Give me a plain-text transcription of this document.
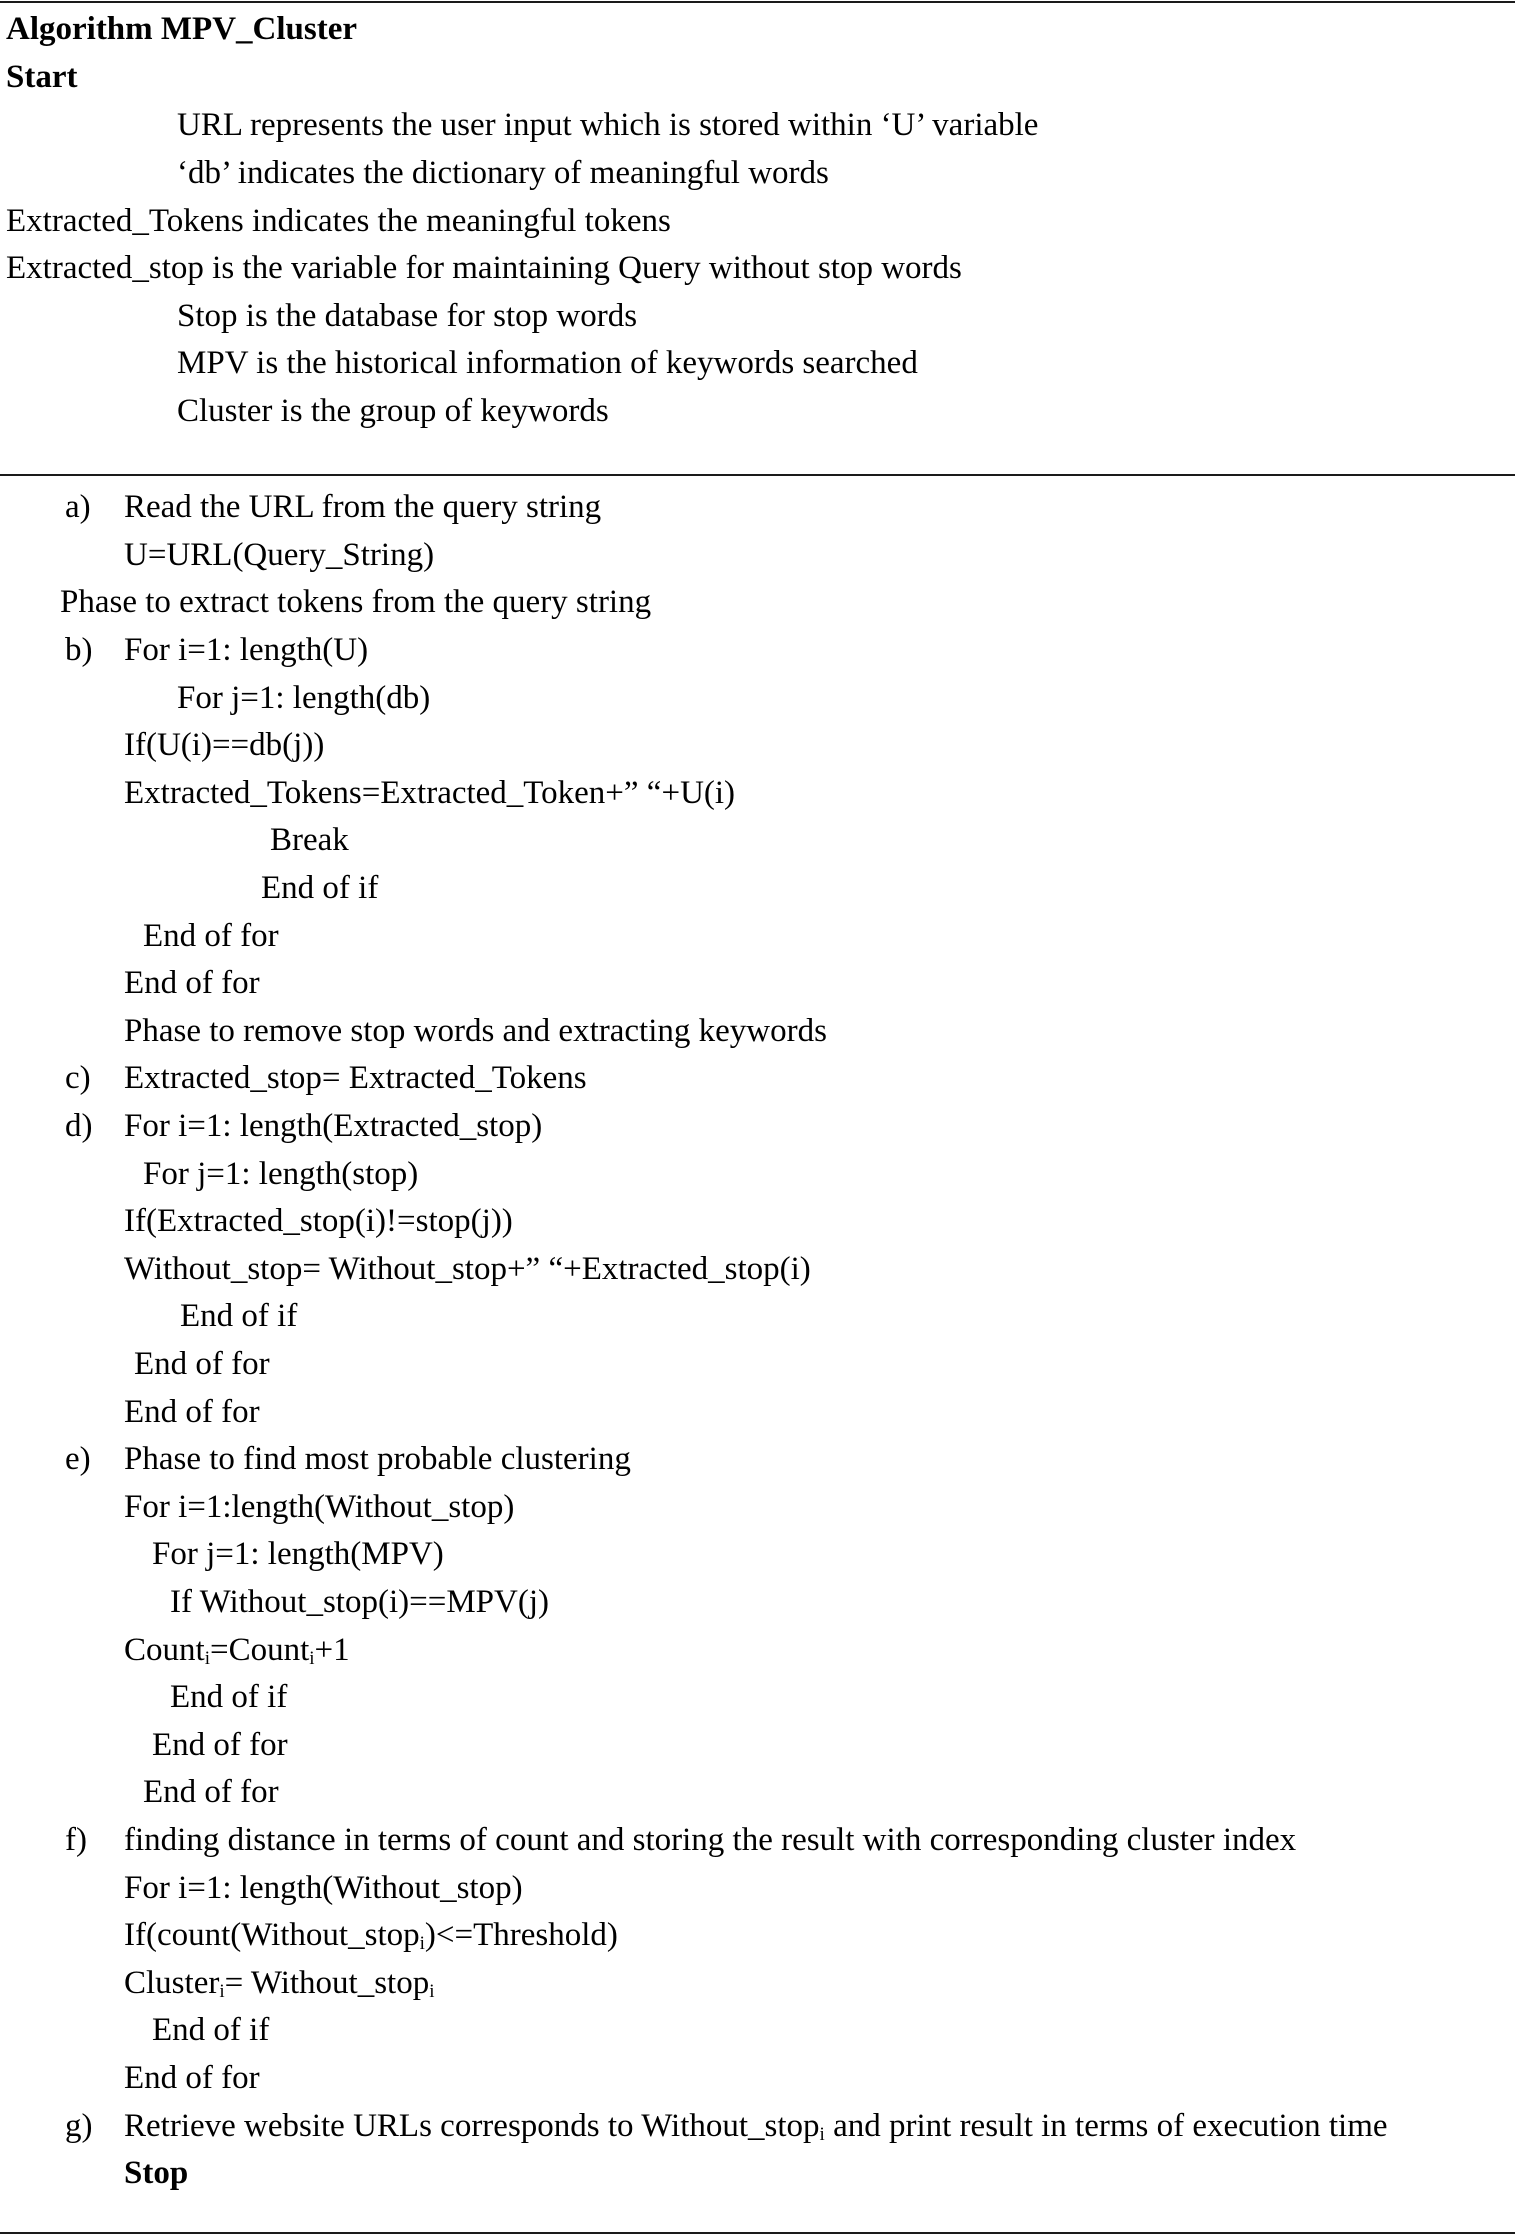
Algorithm MPV_Cluster
Start
URL represents the user input which is stored within ‘U’ variable
‘db’ indicates the dictionary of meaningful words
Extracted_Tokens indicates the meaningful tokens
Extracted_stop is the variable for maintaining Query without stop words
Stop is the database for stop words
MPV is the historical information of keywords searched
Cluster is the group of keywords
a) Read the URL from the query string
U=URL(Query_String)
Phase to extract tokens from the query string
b) For i=1: length(U)
For j=1: length(db)
If(U(i)==db(j))
Extracted_Tokens=Extracted_Token+” “+U(i)
Break
End of if
End of for
End of for
Phase to remove stop words and extracting keywords
c) Extracted_stop= Extracted_Tokens
d) For i=1: length(Extracted_stop)
For j=1: length(stop)
If(Extracted_stop(i)!=stop(j))
Without_stop= Without_stop+” “+Extracted_stop(i)
End of if
End of for
End of for
e) Phase to find most probable clustering
For i=1:length(Without_stop)
For j=1: length(MPV)
If Without_stop(i)==MPV(j)
Count$_i$=Count$_i$+1
End of if
End of for
End of for
f) finding distance in terms of count and storing the result with corresponding cluster index
For i=1: length(Without_stop)
If(count(Without_stop$_i$)<=Threshold)
Cluster$_i$= Without_stop$_i$
End of if
End of for
g) Retrieve website URLs corresponds to Without_stop$_i$ and print result in terms of execution time
Stop
